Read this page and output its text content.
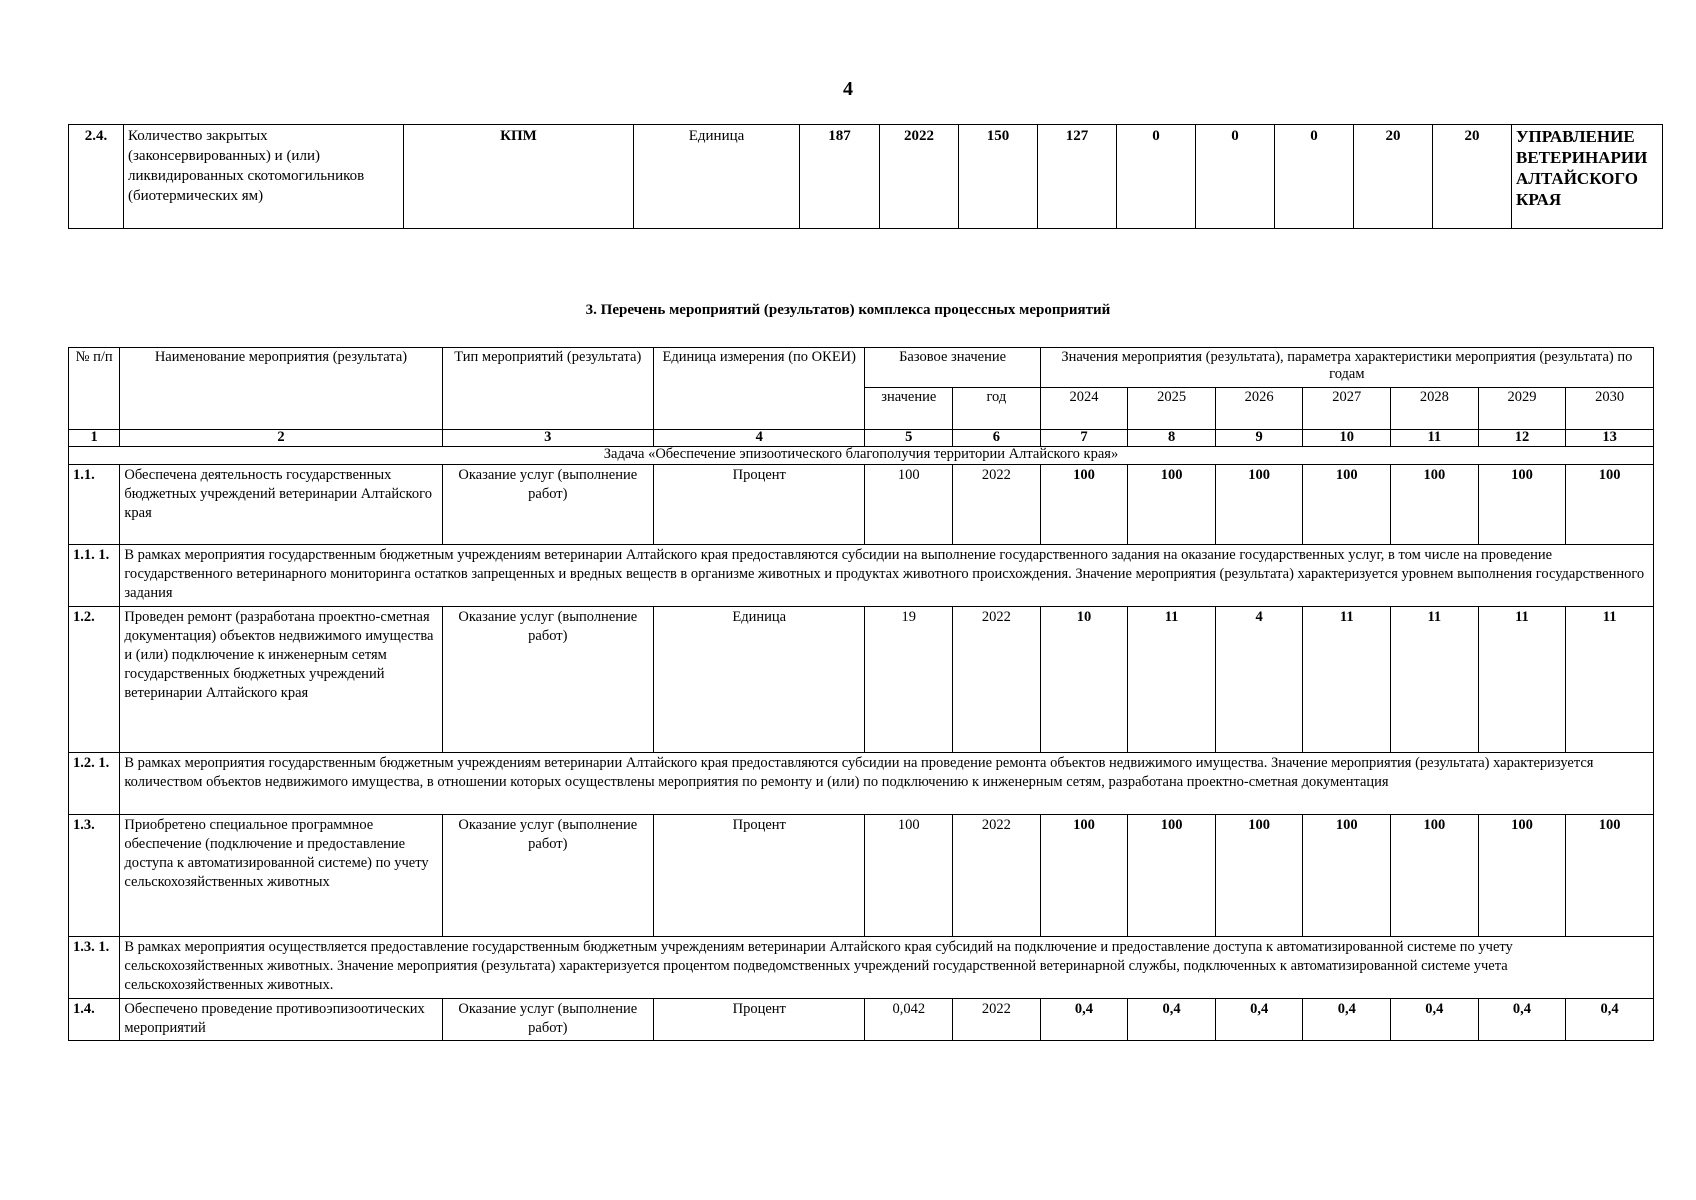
4
2.4.	Количество закрытых (законсервированных) и (или) ликвидированных скотомогильников (биотермических ям)	КПМ	Единица	187	2022	150	127	0	0	0	20	20	УПРАВЛЕНИЕ ВЕТЕРИНАРИИ АЛТАЙСКОГО КРАЯ
3. Перечень мероприятий (результатов) комплекса процессных мероприятий
№ п/п	Наименование мероприятия (результата)	Тип мероприятий (результата)	Единица измерения (по ОКЕИ)	Базовое значение		Значения мероприятия (результата), параметра характеристики мероприятия (результата) по годам						
				значение	год	2024	2025	2026	2027	2028	2029	2030
1	2	3	4	5	6	7	8	9	10	11	12	13
Задача «Обеспечение эпизоотического благополучия территории Алтайского края»												
1.1.	Обеспечена деятельность государственных бюджетных учреждений ветеринарии Алтайского края	Оказание услуг (выполнение работ)	Процент	100	2022	100	100	100	100	100	100	100
1.1. 1.	В рамках мероприятия государственным бюджетным учреждениям ветеринарии Алтайского края предоставляются субсидии на выполнение государственного задания на оказание государственных услуг, в том числе на проведение государственного ветеринарного мониторинга остатков запрещенных и вредных веществ в организме животных и продуктах животного происхождения. Значение мероприятия (результата) характеризуется уровнем выполнения государственного задания											
1.2.	Проведен ремонт (разработана проектно-сметная документация) объектов недвижимого имущества и (или) подключение к инженерным сетям государственных бюджетных учреждений ветеринарии Алтайского края	Оказание услуг (выполнение работ)	Единица	19	2022	10	11	4	11	11	11	11
1.2. 1.	В рамках мероприятия государственным бюджетным учреждениям ветеринарии Алтайского края предоставляются субсидии на проведение ремонта объектов недвижимого имущества. Значение мероприятия (результата) характеризуется количеством объектов недвижимого имущества, в отношении которых осуществлены мероприятия по ремонту и (или) по подключению к инженерным сетям, разработана проектно-сметная документация											
1.3.	Приобретено специальное программное обеспечение (подключение и предоставление доступа к автоматизированной системе) по учету сельскохозяйственных животных	Оказание услуг (выполнение работ)	Процент	100	2022	100	100	100	100	100	100	100
1.3. 1.	В рамках мероприятия осуществляется предоставление государственным бюджетным учреждениям ветеринарии Алтайского края субсидий на подключение и предоставление доступа к автоматизированной системе по учету сельскохозяйственных животных. Значение мероприятия (результата) характеризуется процентом подведомственных учреждений государственной ветеринарной службы, подключенных к автоматизированной системе учета сельскохозяйственных животных.											
1.4.	Обеспечено проведение противоэпизоотических мероприятий	Оказание услуг (выполнение работ)	Процент	0,042	2022	0,4	0,4	0,4	0,4	0,4	0,4	0,4
